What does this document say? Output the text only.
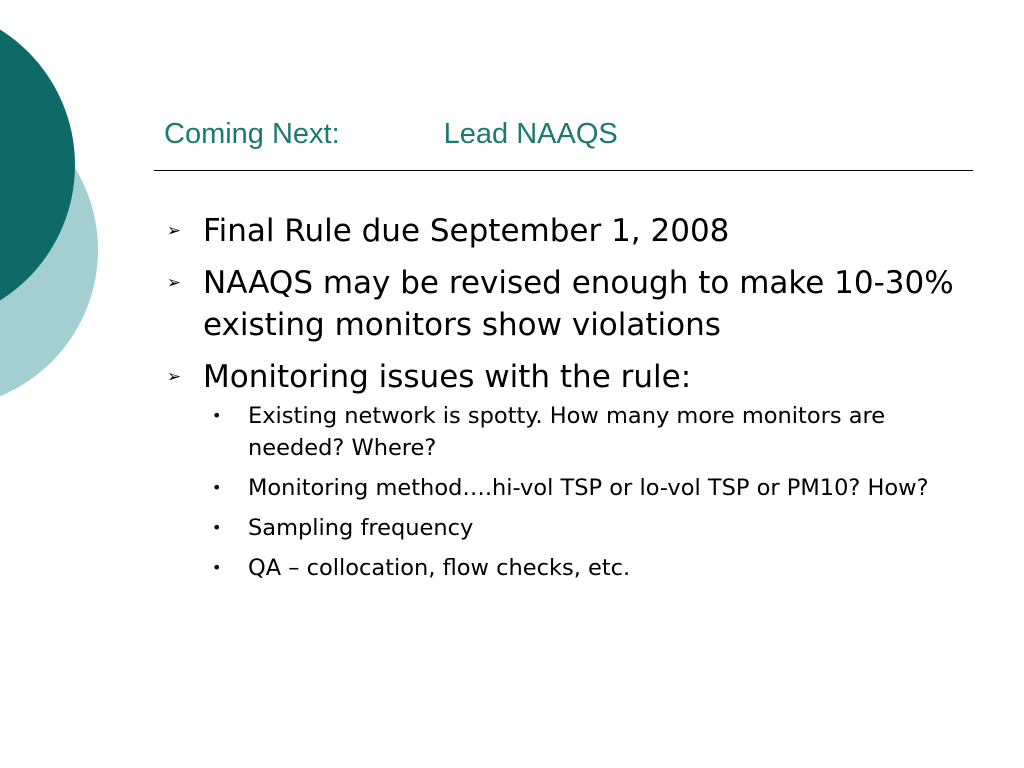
Coming Next:	Lead NAAQS
➢ Final Rule due September 1, 2008
➢ NAAQS may be revised enough to make 10-30% existing monitors show violations
➢ Monitoring issues with the rule:
• Existing network is spotty. How many more monitors are needed? Where?
• Monitoring method….hi-vol TSP or lo-vol TSP or PM10? How?
• Sampling frequency
• QA – collocation, flow checks, etc.
